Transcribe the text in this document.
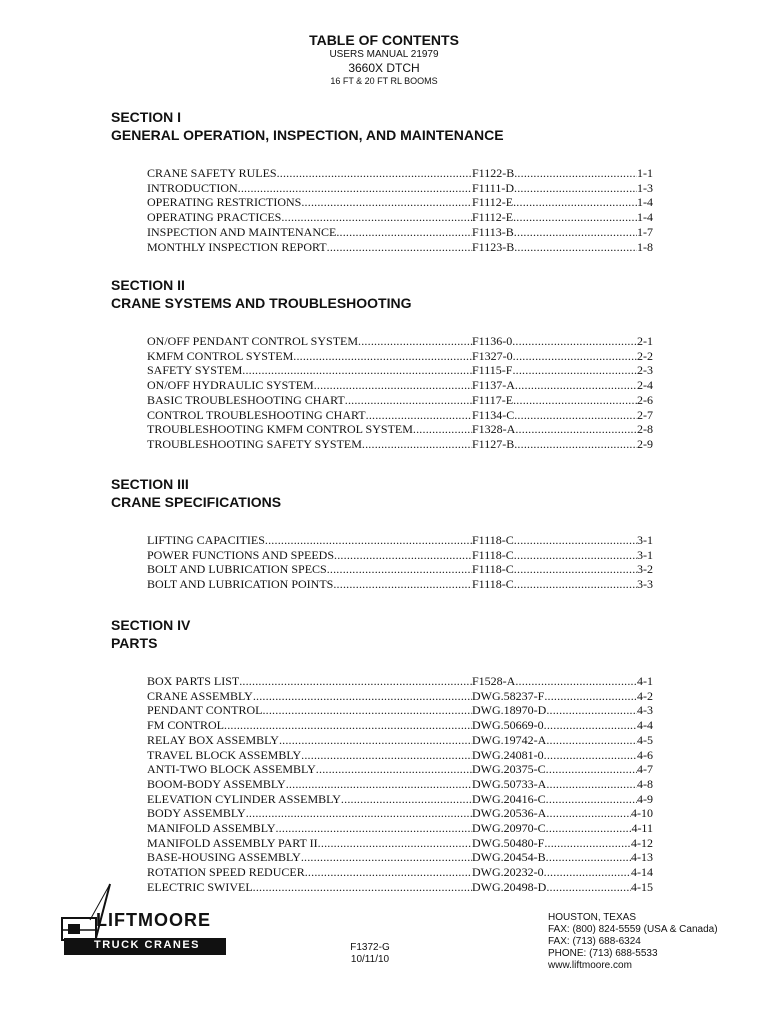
TABLE OF CONTENTS
USERS MANUAL 21979
3660X DTCH
16 FT & 20 FT RL BOOMS
SECTION I
GENERAL OPERATION, INSPECTION, AND MAINTENANCE
CRANE SAFETY RULES .....	F1122-B .....	1-1
INTRODUCTION .....	F1111-D .....	1-3
OPERATING RESTRICTIONS .....	F1112-E .....	1-4
OPERATING PRACTICES .....	F1112-E .....	1-4
INSPECTION AND MAINTENANCE .....	F1113-B .....	1-7
MONTHLY INSPECTION REPORT .....	F1123-B .....	1-8
SECTION II
CRANE SYSTEMS AND TROUBLESHOOTING
ON/OFF PENDANT CONTROL SYSTEM .....	F1136-0 .....	2-1
KMFM CONTROL SYSTEM .....	F1327-0 .....	2-2
SAFETY SYSTEM .....	F1115-F .....	2-3
ON/OFF HYDRAULIC SYSTEM .....	F1137-A .....	2-4
BASIC TROUBLESHOOTING CHART .....	F1117-E .....	2-6
CONTROL TROUBLESHOOTING CHART .....	F1134-C .....	2-7
TROUBLESHOOTING KMFM CONTROL SYSTEM .....	F1328-A .....	2-8
TROUBLESHOOTING SAFETY SYSTEM .....	F1127-B .....	2-9
SECTION III
CRANE SPECIFICATIONS
LIFTING CAPACITIES .....	F1118-C .....	3-1
POWER FUNCTIONS AND SPEEDS .....	F1118-C .....	3-1
BOLT AND LUBRICATION SPECS .....	F1118-C .....	3-2
BOLT AND LUBRICATION POINTS .....	F1118-C .....	3-3
SECTION IV
PARTS
BOX PARTS LIST .....	F1528-A .....	4-1
CRANE ASSEMBLY .....	DWG.58237-F .....	4-2
PENDANT CONTROL .....	DWG.18970-D .....	4-3
FM CONTROL .....	DWG.50669-0 .....	4-4
RELAY BOX ASSEMBLY .....	DWG.19742-A .....	4-5
TRAVEL BLOCK ASSEMBLY .....	DWG.24081-0 .....	4-6
ANTI-TWO BLOCK ASSEMBLY .....	DWG.20375-C .....	4-7
BOOM-BODY ASSEMBLY .....	DWG.50733-A .....	4-8
ELEVATION CYLINDER ASSEMBLY .....	DWG.20416-C .....	4-9
BODY ASSEMBLY .....	DWG.20536-A .....	4-10
MANIFOLD ASSEMBLY .....	DWG.20970-C .....	4-11
MANIFOLD ASSEMBLY PART II .....	DWG.50480-F .....	4-12
BASE-HOUSING ASSEMBLY .....	DWG.20454-B .....	4-13
ROTATION SPEED REDUCER .....	DWG.20232-0 .....	4-14
ELECTRIC SWIVEL .....	DWG.20498-D .....	4-15
LIFTMOORE
TRUCK CRANES	F1372-G
10/11/10
HOUSTON, TEXAS
FAX: (800) 824-5559 (USA & Canada)
FAX: (713) 688-6324
PHONE: (713) 688-5533
www.liftmoore.com
